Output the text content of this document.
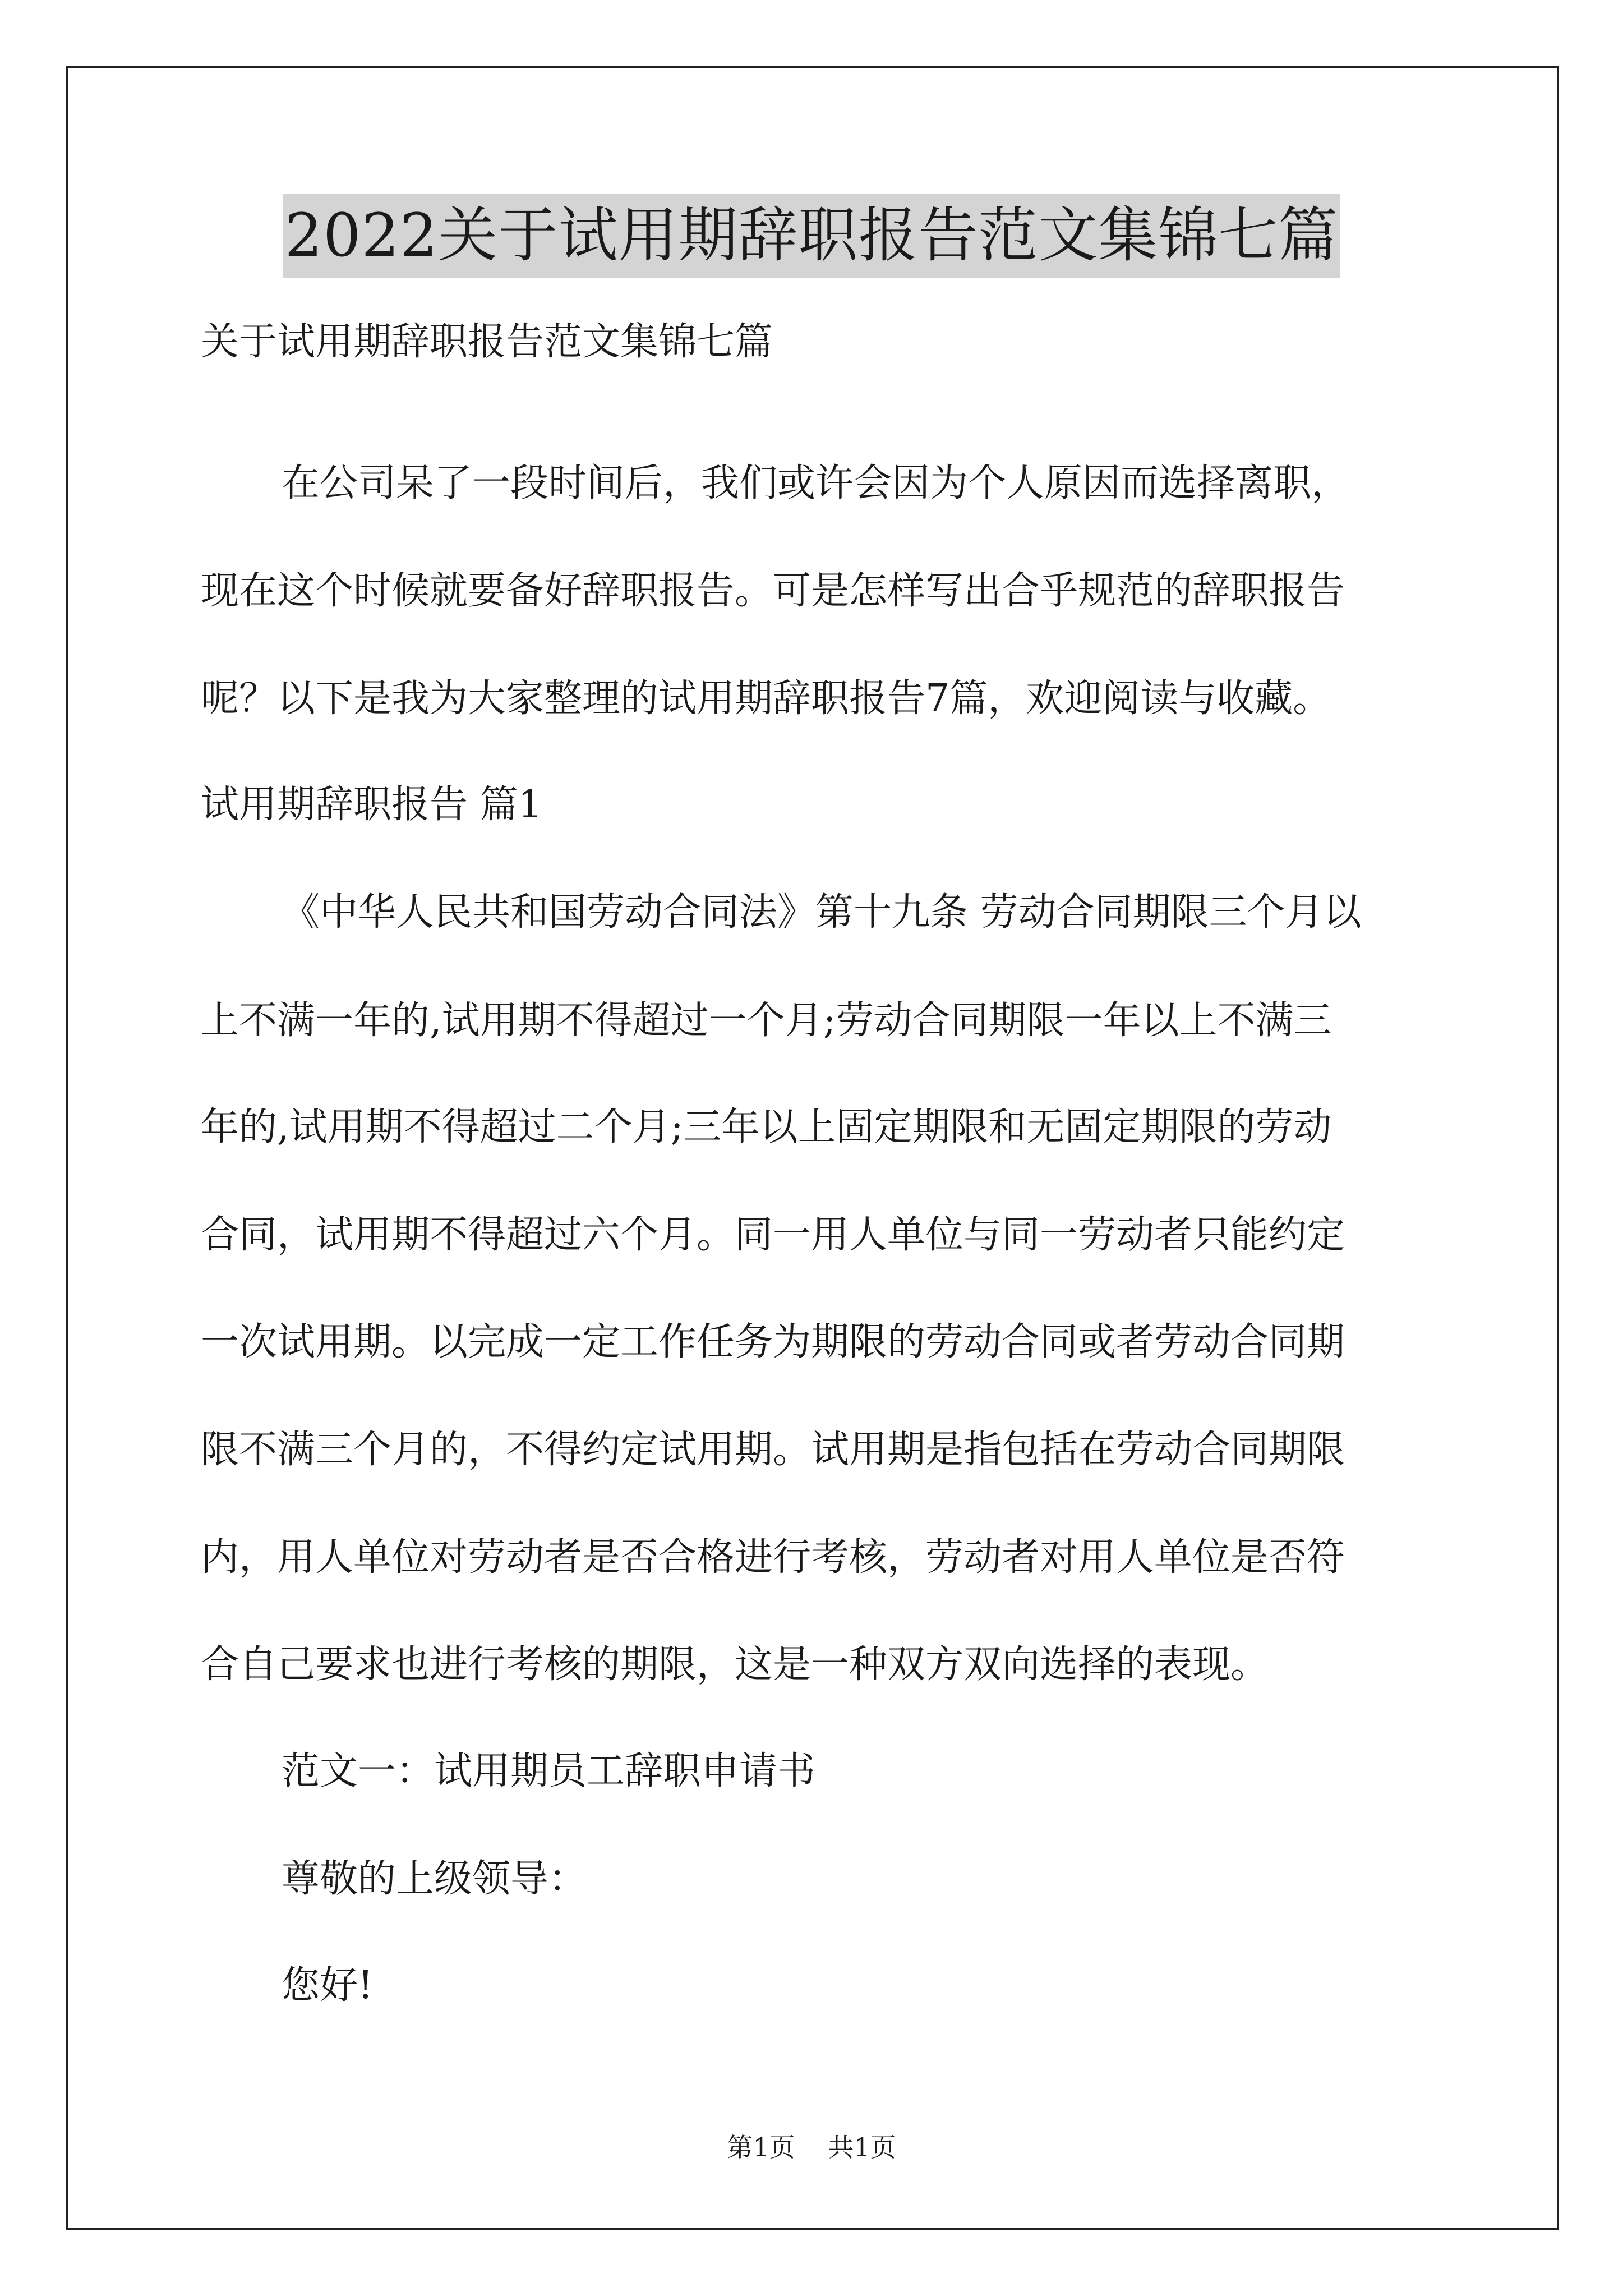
2022关于试用期辞职报告范文集锦七篇

关于试用期辞职报告范文集锦七篇

在公司呆了一段时间后，我们或许会因为个人原因而选择离职，

现在这个时候就要备好辞职报告。可是怎样写出合乎规范的辞职报告

呢？以下是我为大家整理的试用期辞职报告7篇，欢迎阅读与收藏。

试用期辞职报告 篇1

《中华人民共和国劳动合同法》第十九条 劳动合同期限三个月以

上不满一年的,试用期不得超过一个月;劳动合同期限一年以上不满三

年的,试用期不得超过二个月;三年以上固定期限和无固定期限的劳动

合同，试用期不得超过六个月。同一用人单位与同一劳动者只能约定

一次试用期。以完成一定工作任务为期限的劳动合同或者劳动合同期

限不满三个月的，不得约定试用期。试用期是指包括在劳动合同期限

内，用人单位对劳动者是否合格进行考核，劳动者对用人单位是否符

合自己要求也进行考核的期限，这是一种双方双向选择的表现。

范文一：试用期员工辞职申请书

尊敬的上级领导：

您好!

第1页 共1页
